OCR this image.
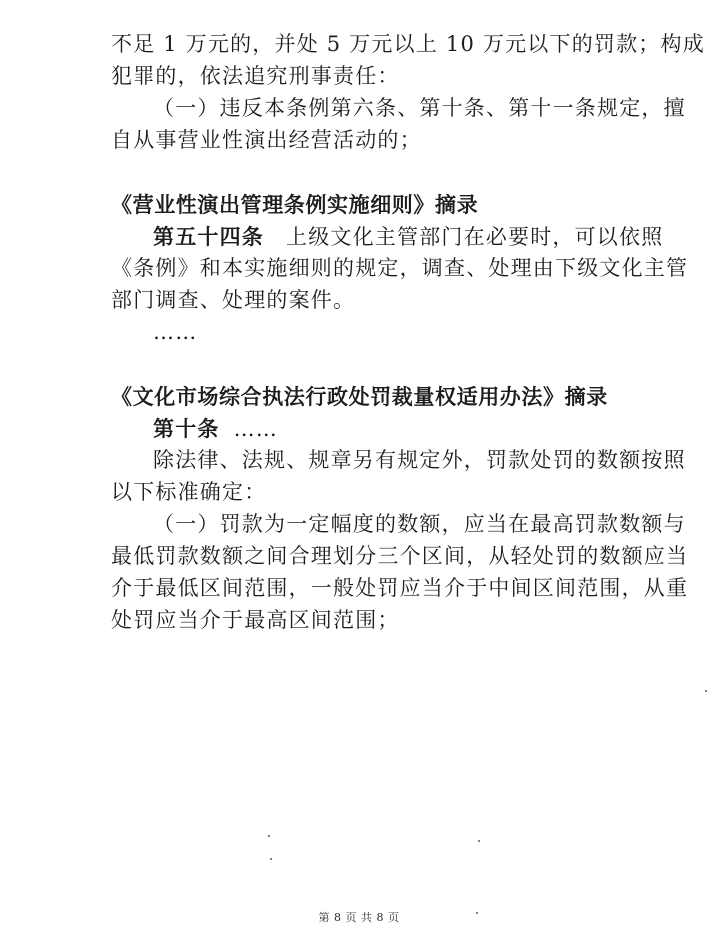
不足 1 万元的，并处 5 万元以上 10 万元以下的罚款；构成
犯罪的，依法追究刑事责任：
（一）违反本条例第六条、第十条、第十一条规定，擅
自从事营业性演出经营活动的；
《营业性演出管理条例实施细则》摘录
第五十四条 上级文化主管部门在必要时，可以依照
《条例》和本实施细则的规定，调查、处理由下级文化主管
部门调查、处理的案件。
……
《文化市场综合执法行政处罚裁量权适用办法》摘录
第十条 ……
除法律、法规、规章另有规定外，罚款处罚的数额按照
以下标准确定：
（一）罚款为一定幅度的数额，应当在最高罚款数额与
最低罚款数额之间合理划分三个区间，从轻处罚的数额应当
介于最低区间范围，一般处罚应当介于中间区间范围，从重
处罚应当介于最高区间范围；
第 8 页 共 8 页
